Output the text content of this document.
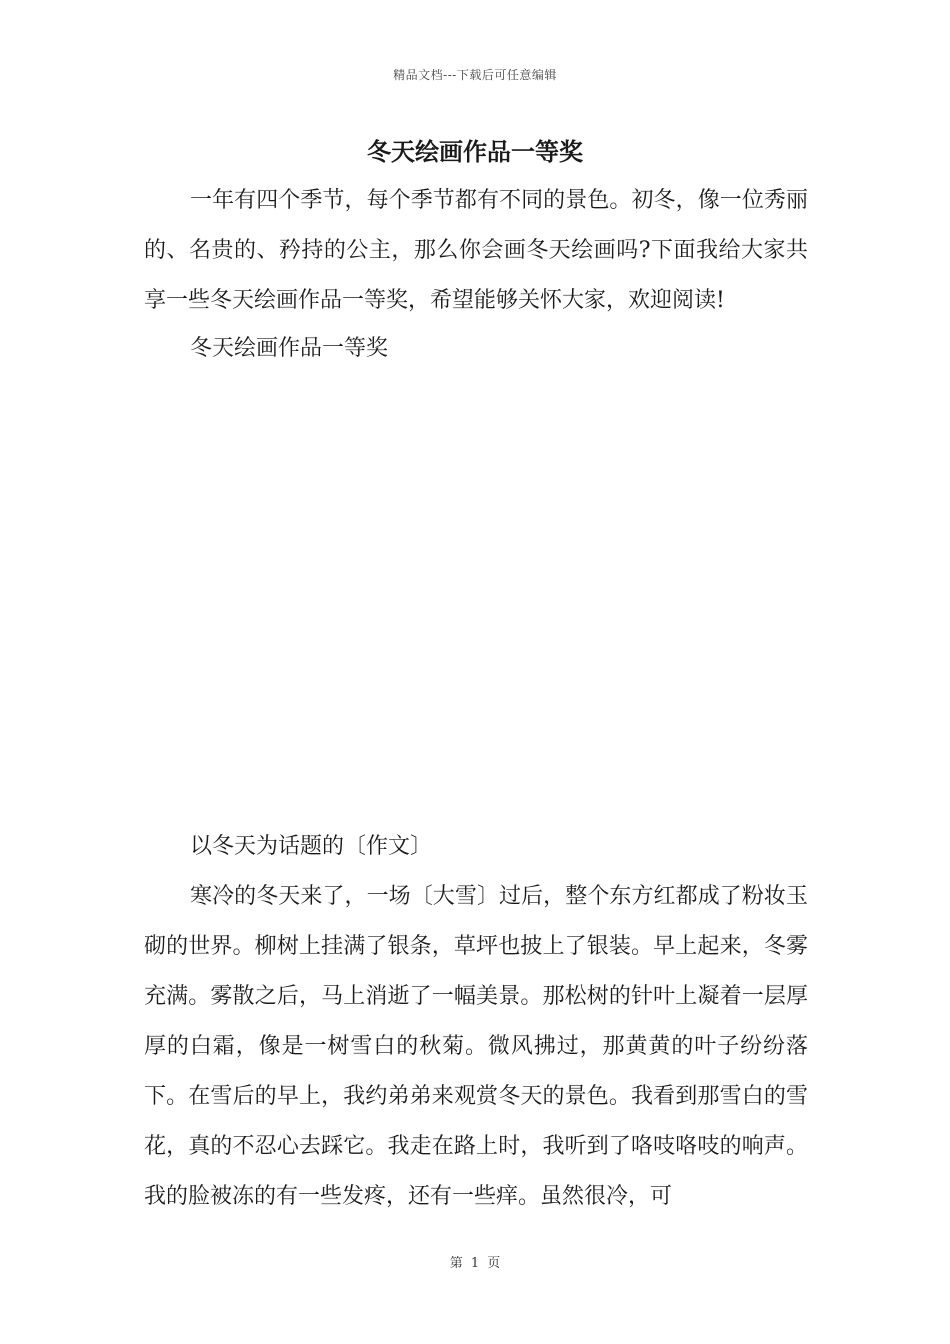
精品文档---下载后可任意编辑
冬天绘画作品一等奖

一年有四个季节，每个季节都有不同的景色。初冬，像一位秀丽的、名贵的、矜持的公主，那么你会画冬天绘画吗?下面我给大家共享一些冬天绘画作品一等奖，希望能够关怀大家，欢迎阅读!

冬天绘画作品一等奖

以冬天为话题的〔作文〕

寒冷的冬天来了，一场〔大雪〕过后，整个东方红都成了粉妆玉砌的世界。柳树上挂满了银条，草坪也披上了银装。早上起来，冬雾充满。雾散之后，马上消逝了一幅美景。那松树的针叶上凝着一层厚厚的白霜，像是一树雪白的秋菊。微风拂过，那黄黄的叶子纷纷落下。在雪后的早上，我约弟弟来观赏冬天的景色。我看到那雪白的雪花，真的不忍心去踩它。我走在路上时，我听到了咯吱咯吱的响声。我的脸被冻的有一些发疼，还有一些痒。虽然很冷，可

第 1 页
